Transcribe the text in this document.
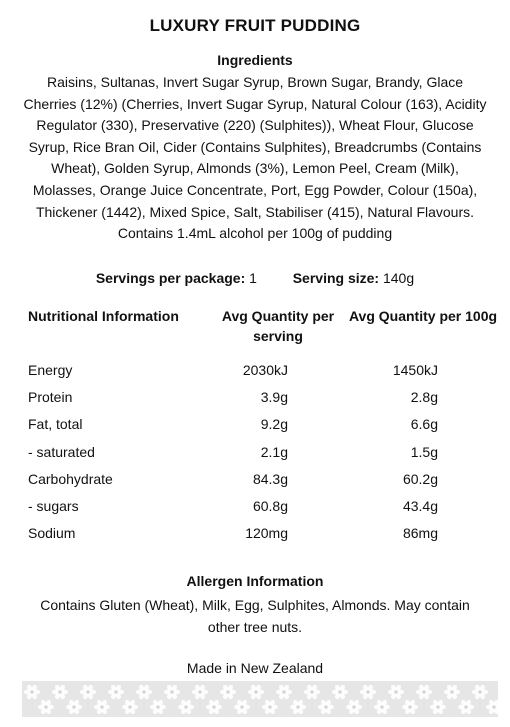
LUXURY FRUIT PUDDING
Ingredients
Raisins, Sultanas, Invert Sugar Syrup, Brown Sugar, Brandy, Glace Cherries (12%) (Cherries, Invert Sugar Syrup, Natural Colour (163), Acidity Regulator (330), Preservative (220) (Sulphites)), Wheat Flour, Glucose Syrup, Rice Bran Oil, Cider (Contains Sulphites), Breadcrumbs (Contains Wheat), Golden Syrup, Almonds (3%), Lemon Peel, Cream (Milk), Molasses, Orange Juice Concentrate, Port, Egg Powder, Colour (150a), Thickener (1442), Mixed Spice, Salt, Stabiliser (415), Natural Flavours. Contains 1.4mL alcohol per 100g of pudding
Servings per package: 1	Serving size: 140g
Nutritional Information	Avg Quantity per serving	Avg Quantity per 100g
Energy	2030kJ	1450kJ
Protein	3.9g	2.8g
Fat, total	9.2g	6.6g
- saturated	2.1g	1.5g
Carbohydrate	84.3g	60.2g
- sugars	60.8g	43.4g
Sodium	120mg	86mg
Allergen Information
Contains Gluten (Wheat), Milk, Egg, Sulphites, Almonds. May contain other tree nuts.
Made in New Zealand
